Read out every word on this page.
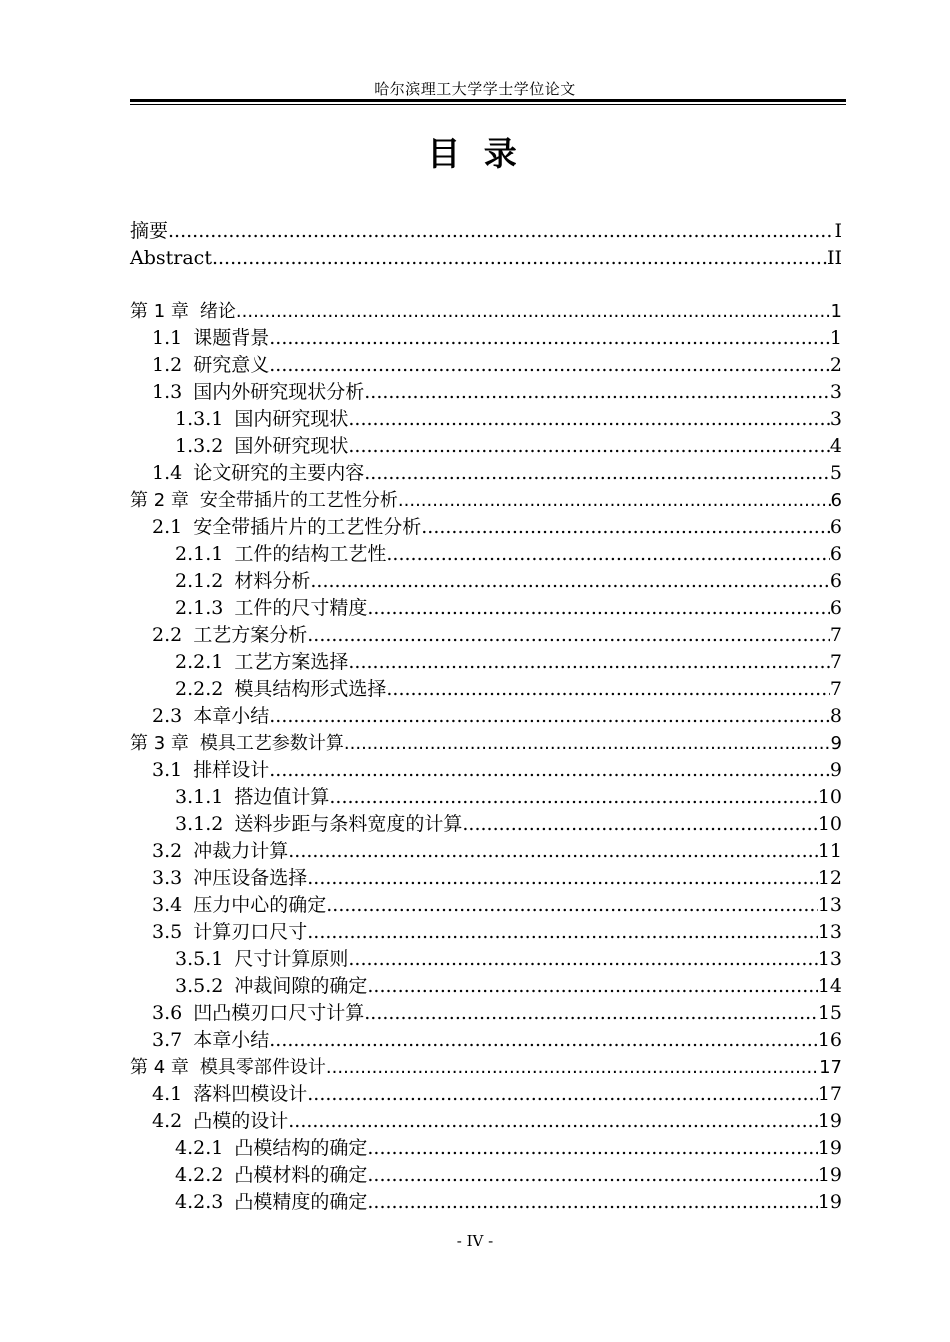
哈尔滨理工大学学士学位论文
目 录
摘要 .....	I
Abstract .....	II
第 1 章 绪论 .....	1
1.1 课题背景 .....	1
1.2 研究意义 .....	2
1.3 国内外研究现状分析 .....	3
1.3.1 国内研究现状 .....	3
1.3.2 国外研究现状 .....	4
1.4 论文研究的主要内容 .....	5
第 2 章 安全带插片的工艺性分析 .....	6
2.1 安全带插片片的工艺性分析 .....	6
2.1.1 工件的结构工艺性 .....	6
2.1.2 材料分析 .....	6
2.1.3 工件的尺寸精度 .....	6
2.2 工艺方案分析 .....	7
2.2.1 工艺方案选择 .....	7
2.2.2 模具结构形式选择 .....	7
2.3 本章小结 .....	8
第 3 章 模具工艺参数计算 .....	9
3.1 排样设计 .....	9
3.1.1 搭边值计算 .....	10
3.1.2 送料步距与条料宽度的计算 .....	10
3.2 冲裁力计算 .....	11
3.3 冲压设备选择 .....	12
3.4 压力中心的确定 .....	13
3.5 计算刃口尺寸 .....	13
3.5.1 尺寸计算原则 .....	13
3.5.2 冲裁间隙的确定 .....	14
3.6 凹凸模刃口尺寸计算 .....	15
3.7 本章小结 .....	16
第 4 章 模具零部件设计 .....	17
4.1 落料凹模设计 .....	17
4.2 凸模的设计 .....	19
4.2.1 凸模结构的确定 .....	19
4.2.2 凸模材料的确定 .....	19
4.2.3 凸模精度的确定 .....	19
- IV -
